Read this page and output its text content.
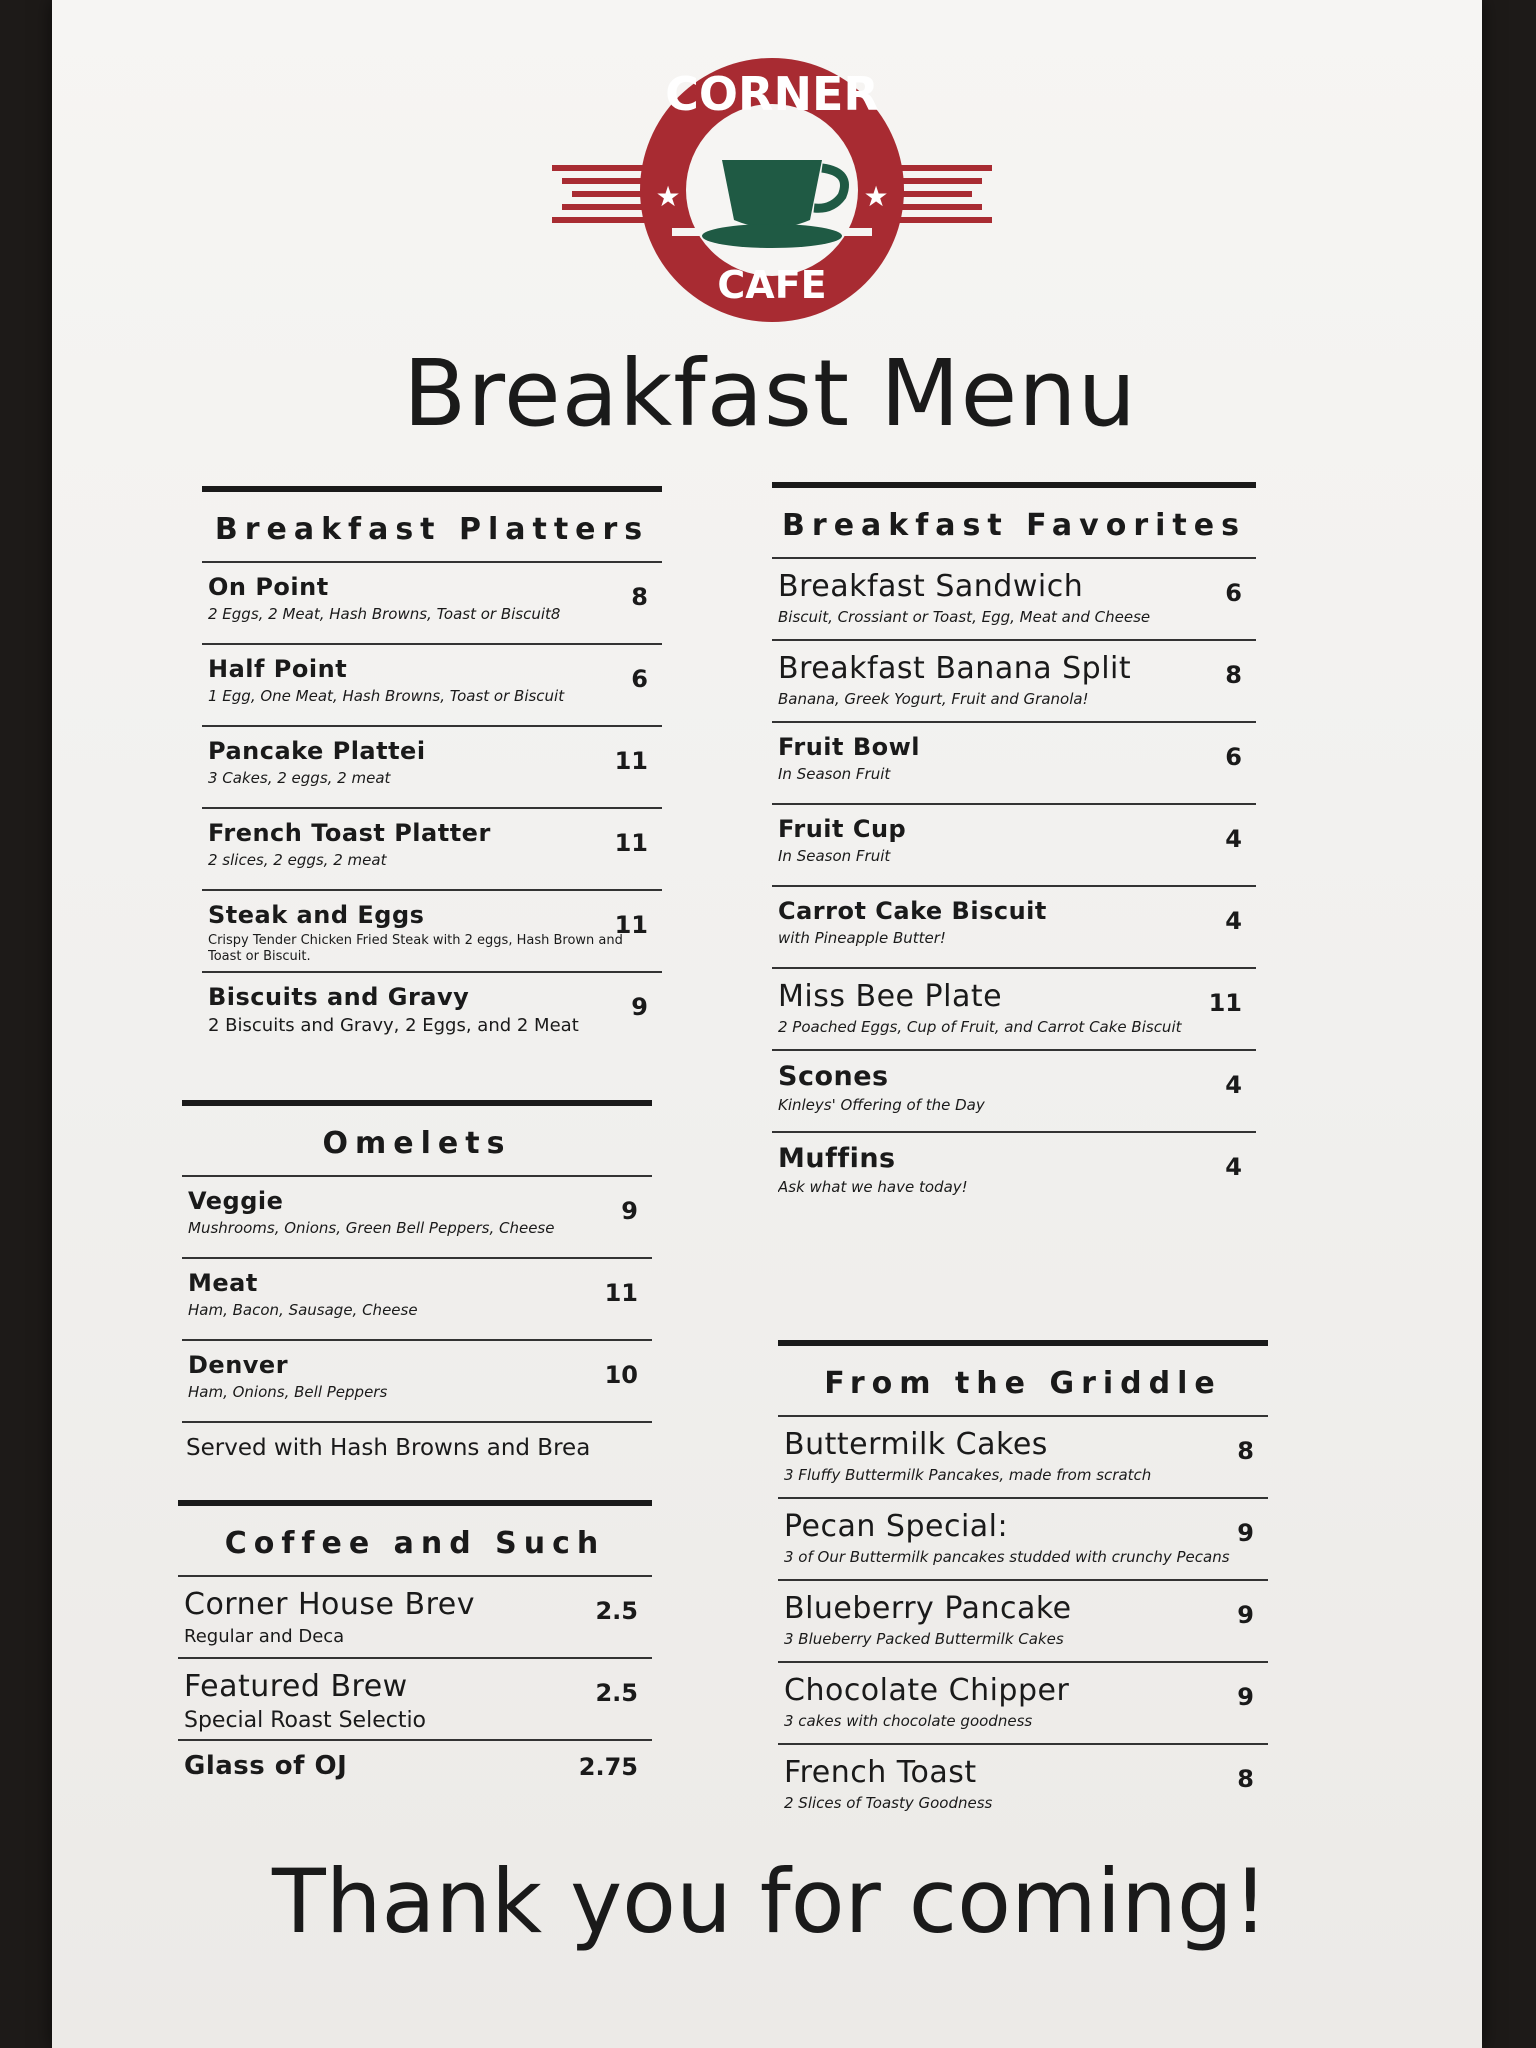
CORNER
CAFE
★	★
Breakfast Menu
Breakfast Platters
On Point
2 Eggs, 2 Meat, Hash Browns, Toast or Biscuit8
8
Half Point
1 Egg, One Meat, Hash Browns, Toast or Biscuit
6
Pancake Plattei
3 Cakes, 2 eggs, 2 meat
11
French Toast Platter
2 slices, 2 eggs, 2 meat
11
Steak and Eggs
Crispy Tender Chicken Fried Steak with 2 eggs, Hash Brown and Toast or Biscuit.
11
Biscuits and Gravy
2 Biscuits and Gravy, 2 Eggs, and 2 Meat
9
Omelets
Veggie
Mushrooms, Onions, Green Bell Peppers, Cheese
9
Meat
Ham, Bacon, Sausage, Cheese
11
Denver
Ham, Onions, Bell Peppers
10
Served with Hash Browns and Brea
Coffee and Such
Corner House Brev
Regular and Deca
2.5
Featured Brew
Special Roast Selectio
2.5
Glass of OJ	2.75
Breakfast Favorites
Breakfast Sandwich
Biscuit, Crossiant or Toast, Egg, Meat and Cheese
6
Breakfast Banana Split
Banana, Greek Yogurt, Fruit and Granola!
8
Fruit Bowl
In Season Fruit
6
Fruit Cup
In Season Fruit
4
Carrot Cake Biscuit
with Pineapple Butter!
4
Miss Bee Plate
2 Poached Eggs, Cup of Fruit, and Carrot Cake Biscuit
11
Scones
Kinleys' Offering of the Day
4
Muffins
Ask what we have today!
4
From the Griddle
Buttermilk Cakes
3 Fluffy Buttermilk Pancakes, made from scratch
8
Pecan Special:
3 of Our Buttermilk pancakes studded with crunchy Pecans
9
Blueberry Pancake
3 Blueberry Packed Buttermilk Cakes
9
Chocolate Chipper
3 cakes with chocolate goodness
9
French Toast
2 Slices of Toasty Goodness
8
Thank you for coming!
